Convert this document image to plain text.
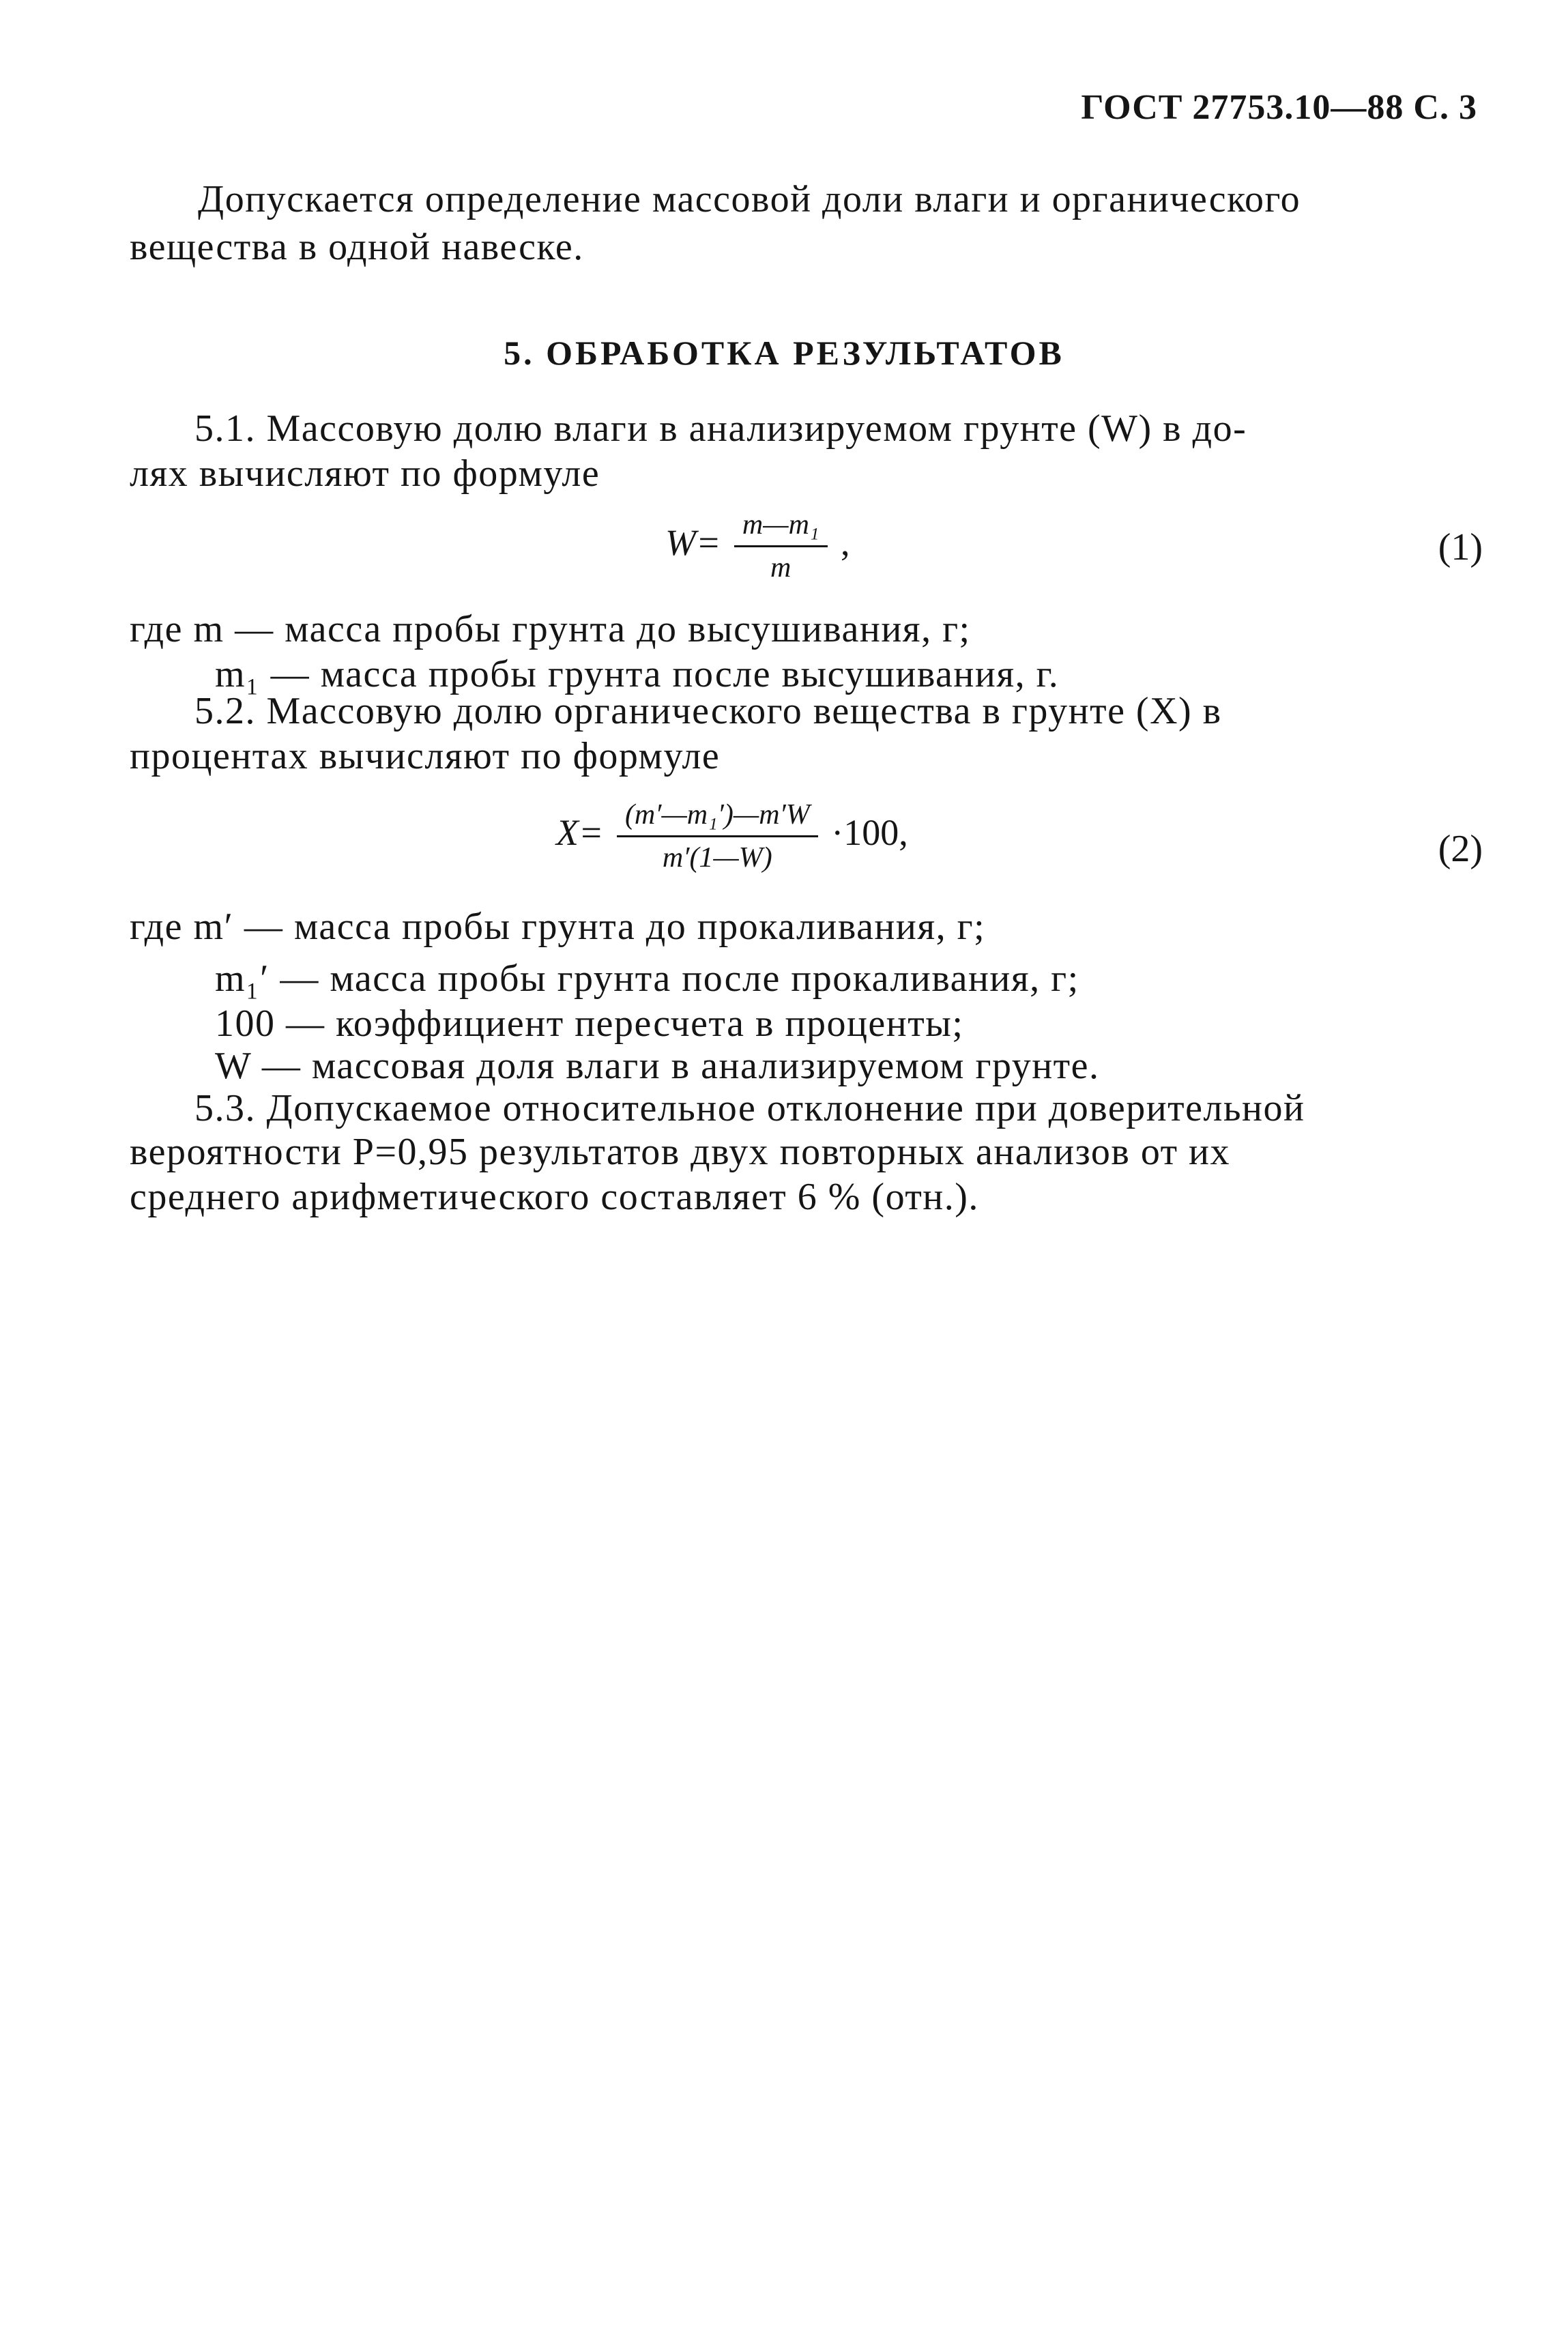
ГОСТ 27753.10—88 С. 3
Допускается определение массовой доли влаги и органического
вещества в одной навеске.
5. ОБРАБОТКА РЕЗУЛЬТАТОВ
5.1. Массовую долю влаги в анализируемом грунте (W) в до-
лях вычисляют по формуле
$W= \frac{\text{m—m₁}}{m}$ ,	(1)
где m — масса пробы грунта до высушивания, г;
m₁ — масса пробы грунта после высушивания, г.
5.2. Массовую долю органического вещества в грунте (X) в
процентах вычисляют по формуле
$X= \frac{\text{(m′—m₁′)—m′W}}{m'(1—W)} \cdot 100$,	(2)
где m′ — масса пробы грунта до прокаливания, г;
m₁′ — масса пробы грунта после прокаливания, г;
100 — коэффициент пересчета в проценты;
W — массовая доля влаги в анализируемом грунте.
5.3. Допускаемое относительное отклонение при доверительной
вероятности P=0,95 результатов двух повторных анализов от их
среднего арифметического составляет 6 % (отн.).
